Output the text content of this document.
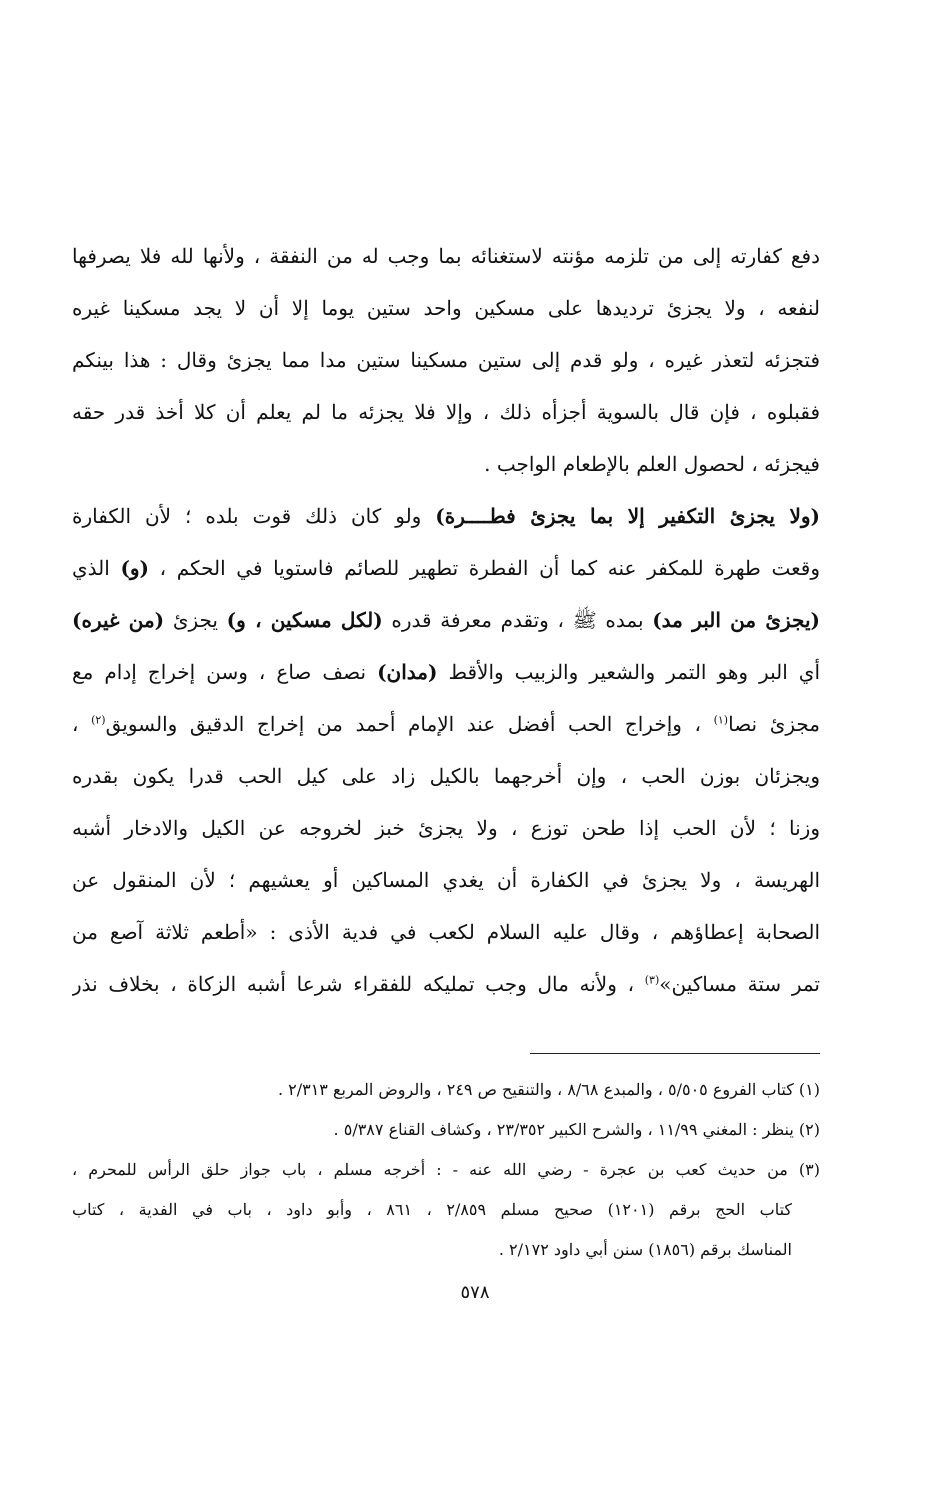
دفع كفارته إلى من تلزمه مؤنته لاستغنائه بما وجب له من النفقة ، ولأنها لله فلا يصرفها
لنفعه ، ولا يجزئ ترديدها على مسكين واحد ستين يوما إلا أن لا يجد مسكينا غيره
فتجزئه لتعذر غيره ، ولو قدم إلى ستين مسكينا ستين مدا مما يجزئ وقال : هذا بينكم
فقبلوه ، فإن قال بالسوية أجزأه ذلك ، وإلا فلا يجزئه ما لم يعلم أن كلا أخذ قدر حقه
فيجزئه ، لحصول العلم بالإطعام الواجب .
(ولا يجزئ التكفير إلا بما يجزئ فطــــرة) ولو كان ذلك قوت بلده ؛ لأن الكفارة
وقعت طهرة للمكفر عنه كما أن الفطرة تطهير للصائم فاستويا في الحكم ، (و) الذي
(يجزئ من البر مد) بمده ﷺ ، وتقدم معرفة قدره (لكل مسكين ، و) يجزئ (من غيره)
أي البر وهو التمر والشعير والزبيب والأقط (مدان) نصف صاع ، وسن إخراج إدام مع
مجزئ نصا$^{(١)}$ ، وإخراج الحب أفضل عند الإمام أحمد من إخراج الدقيق والسويق$^{(٢)}$ ،
ويجزئان بوزن الحب ، وإن أخرجهما بالكيل زاد على كيل الحب قدرا يكون بقدره
وزنا ؛ لأن الحب إذا طحن توزع ، ولا يجزئ خبز لخروجه عن الكيل والادخار أشبه
الهريسة ، ولا يجزئ في الكفارة أن يغدي المساكين أو يعشيهم ؛ لأن المنقول عن
الصحابة إعطاؤهم ، وقال عليه السلام لكعب في فدية الأذى : «أطعم ثلاثة آصع من
تمر ستة مساكين»$^{(٣)}$ ، ولأنه مال وجب تمليكه للفقراء شرعا أشبه الزكاة ، بخلاف نذر
(١) كتاب الفروع ٥/٥٠٥ ، والمبدع ٨/٦٨ ، والتنقيح ص ٢٤٩ ، والروض المربع ٢/٣١٣ .
(٢) ينظر : المغني ١١/٩٩ ، والشرح الكبير ٢٣/٣٥٢ ، وكشاف القناع ٥/٣٨٧ .
(٣) من حديث كعب بن عجرة - رضي الله عنه - : أخرجه مسلم ، باب جواز حلق الرأس للمحرم ،
كتاب الحج برقم (١٢٠١) صحيح مسلم ٢/٨٥٩ ، ٨٦١ ، وأبو داود ، باب في الفدية ، كتاب
المناسك برقم (١٨٥٦) سنن أبي داود ٢/١٧٢ .
٥٧٨
